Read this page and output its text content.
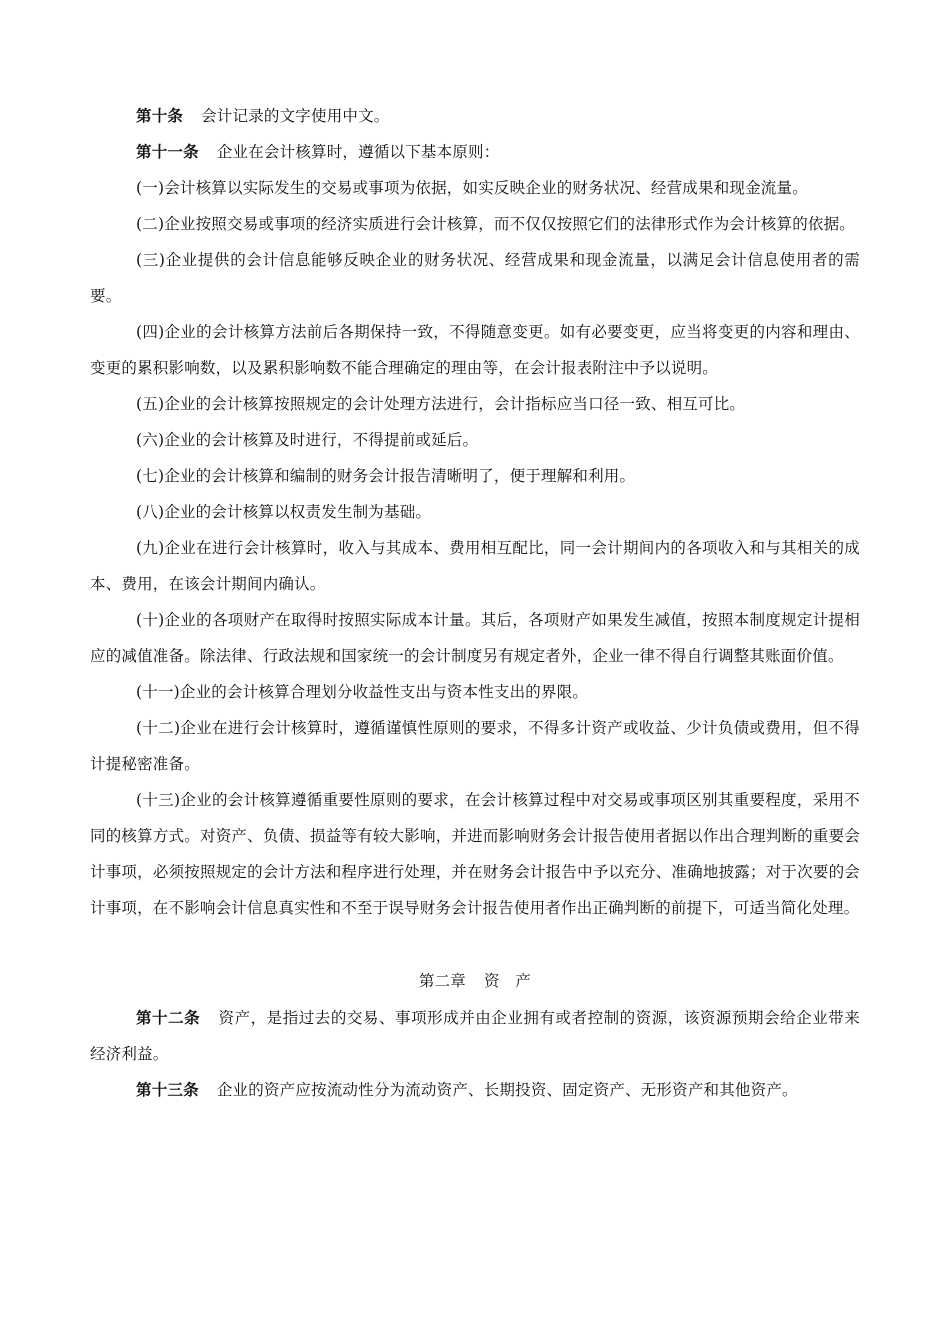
第十条 会计记录的文字使用中文。

第十一条 企业在会计核算时，遵循以下基本原则：

(一)会计核算以实际发生的交易或事项为依据，如实反映企业的财务状况、经营成果和现金流量。

(二)企业按照交易或事项的经济实质进行会计核算，而不仅仅按照它们的法律形式作为会计核算的依据。

(三)企业提供的会计信息能够反映企业的财务状况、经营成果和现金流量，以满足会计信息使用者的需要。

(四)企业的会计核算方法前后各期保持一致，不得随意变更。如有必要变更，应当将变更的内容和理由、变更的累积影响数，以及累积影响数不能合理确定的理由等，在会计报表附注中予以说明。

(五)企业的会计核算按照规定的会计处理方法进行，会计指标应当口径一致、相互可比。

(六)企业的会计核算及时进行，不得提前或延后。

(七)企业的会计核算和编制的财务会计报告清晰明了，便于理解和利用。

(八)企业的会计核算以权责发生制为基础。

(九)企业在进行会计核算时，收入与其成本、费用相互配比，同一会计期间内的各项收入和与其相关的成本、费用，在该会计期间内确认。

(十)企业的各项财产在取得时按照实际成本计量。其后，各项财产如果发生减值，按照本制度规定计提相应的减值准备。除法律、行政法规和国家统一的会计制度另有规定者外，企业一律不得自行调整其账面价值。

(十一)企业的会计核算合理划分收益性支出与资本性支出的界限。

(十二)企业在进行会计核算时，遵循谨慎性原则的要求，不得多计资产或收益、少计负债或费用，但不得计提秘密准备。

(十三)企业的会计核算遵循重要性原则的要求，在会计核算过程中对交易或事项区别其重要程度，采用不同的核算方式。对资产、负债、损益等有较大影响，并进而影响财务会计报告使用者据以作出合理判断的重要会计事项，必须按照规定的会计方法和程序进行处理，并在财务会计报告中予以充分、准确地披露；对于次要的会计事项，在不影响会计信息真实性和不至于误导财务会计报告使用者作出正确判断的前提下，可适当简化处理。

第二章 资　产

第十二条 资产，是指过去的交易、事项形成并由企业拥有或者控制的资源，该资源预期会给企业带来经济利益。

第十三条 企业的资产应按流动性分为流动资产、长期投资、固定资产、无形资产和其他资产。
